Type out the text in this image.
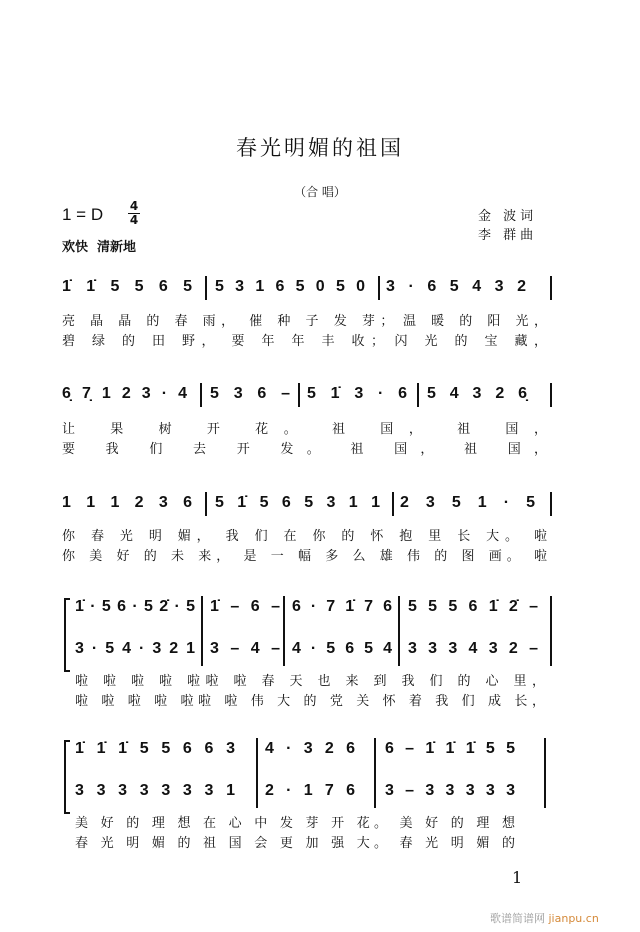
春光明媚的祖国
（合 唱）
1 = D 4
4
欢快  清新地
金 波词
李 群曲
1̇ 1̇ 5 5 6 5 5 3 1 6 5 0 5 0 3 · 6 5 4 3 2
亮 晶 晶 的 春 雨， 催 种 子 发 芽； 温 暖 的 阳 光，
碧 绿 的 田 野， 要 年 年 丰 收； 闪 光 的 宝 藏，
6̣ 7̣ 1 2 3 · 4 5 3 6 – 5 1̇ 3 · 6 5 4 3 2 6̣
让 果 树 开 花。 祖 国， 祖 国，
要 我 们 去 开 发。 祖 国， 祖 国，
1 1 1 2 3 6 5 1̇ 5 6 5 3 1 1 2 3 5 1 · 5
你 春 光 明 媚， 我 们 在 你 的 怀 抱 里 长 大。 啦
你 美 好 的 未 来， 是 一 幅 多 么 雄 伟 的 图 画。 啦
1̇ · 5 6 · 5 2̇ · 5 1̇ – 6 – 6 · 7 1̇ 7 6 5 5 5 6 1̇ 2̇ –
3 · 5 4 · 3 2 1 3 – 4 – 4 · 5 6 5 4 3 3 3 4 3 2 –
啦 啦 啦 啦 啦啦 啦 春 天 也 来 到 我 们 的 心 里，
啦 啦 啦 啦 啦啦 啦 伟 大 的 党 关 怀 着 我 们 成 长，
1̇ 1̇ 1̇ 5 5 6 6 3 4 · 3 2 6 6 – 1̇ 1̇ 1̇ 5 5
3 3 3 3 3 3 3 1 2 · 1 7 6 3 – 3 3 3 3 3
美 好 的 理 想 在 心 中 发 芽 开 花。 美 好 的 理 想
春 光 明 媚 的 祖 国 会 更 加 强 大。 春 光 明 媚 的
1
歌谱简谱网 jianpu.cn
